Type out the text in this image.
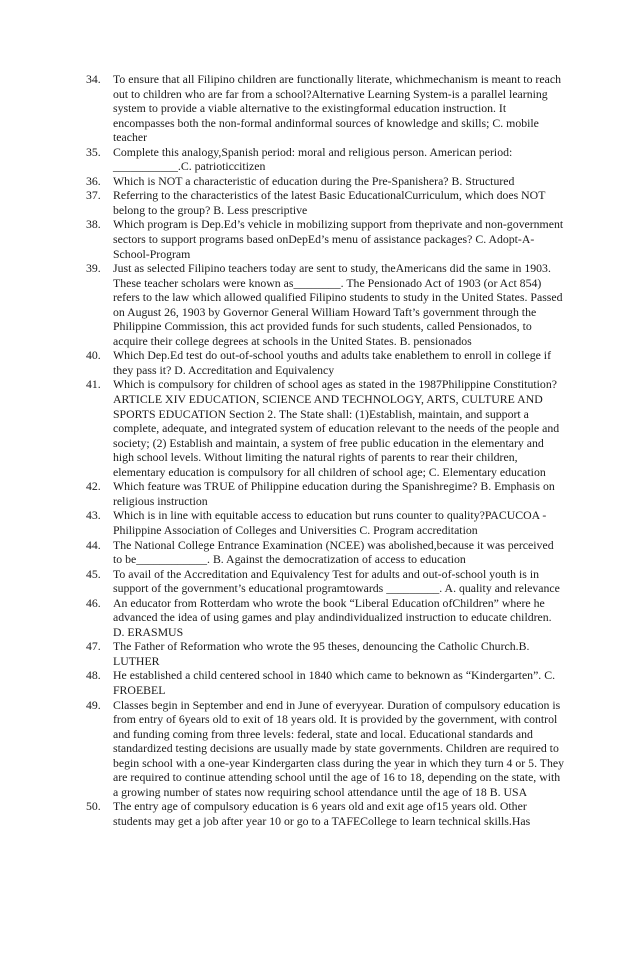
34.	To ensure that all Filipino children are functionally literate, whichmechanism is meant to reach out to children who are far from a school?Alternative Learning System-is a parallel learning system to provide a viable alternative to the existingformal education instruction. It encompasses both the non-formal andinformal sources of knowledge and skills; C. mobile teacher
35.	Complete this analogy,Spanish period: moral and religious person. American period: ___________.C. patrioticcitizen
36.	Which is NOT a characteristic of education during the Pre-Spanishera? B. Structured
37.	Referring to the characteristics of the latest Basic EducationalCurriculum, which does NOT belong to the group? B. Less prescriptive
38.	Which program is Dep.Ed’s vehicle in mobilizing support from theprivate and non-government sectors to support programs based onDepEd’s menu of assistance packages? C. Adopt-A-School-Program
39.	Just as selected Filipino teachers today are sent to study, theAmericans did the same in 1903. These teacher scholars were known as________. The Pensionado Act of 1903 (or Act 854) refers to the law which allowed qualified Filipino students to study in the United States. Passed on August 26, 1903 by Governor General William Howard Taft’s government through the Philippine Commission, this act provided funds for such students, called Pensionados, to acquire their college degrees at schools in the United States. B. pensionados
40.	Which Dep.Ed test do out-of-school youths and adults take enablethem to enroll in college if they pass it? D. Accreditation and Equivalency
41.	Which is compulsory for children of school ages as stated in the 1987Philippine Constitution? ARTICLE XIV EDUCATION, SCIENCE AND TECHNOLOGY, ARTS, CULTURE AND SPORTS EDUCATION Section 2. The State shall: (1)Establish, maintain, and support a complete, adequate, and integrated system of education relevant to the needs of the people and society; (2) Establish and maintain, a system of free public education in the elementary and high school levels. Without limiting the natural rights of parents to rear their children, elementary education is compulsory for all children of school age; C. Elementary education
42.	Which feature was TRUE of Philippine education during the Spanishregime? B. Emphasis on religious instruction
43.	Which is in line with equitable access to education but runs counter to quality?PACUCOA - Philippine Association of Colleges and Universities C. Program accreditation
44.	The National College Entrance Examination (NCEE) was abolished,because it was perceived to be____________. B. Against the democratization of access to education
45.	To avail of the Accreditation and Equivalency Test for adults and out-of-school youth is in support of the government’s educational programtowards _________. A. quality and relevance
46.	An educator from Rotterdam who wrote the book “Liberal Education ofChildren” where he advanced the idea of using games and play andindividualized instruction to educate children. D. ERASMUS
47.	The Father of Reformation who wrote the 95 theses, denouncing the Catholic Church.B. LUTHER
48.	He established a child centered school in 1840 which came to beknown as “Kindergarten”. C. FROEBEL
49.	Classes begin in September and end in June of everyyear. Duration of compulsory education is from entry of 6years old to exit of 18 years old. It is provided by the government, with control and funding coming from three levels: federal, state and local. Educational standards and standardized testing decisions are usually made by state governments. Children are required to begin school with a one-year Kindergarten class during the year in which they turn 4 or 5. They are required to continue attending school until the age of 16 to 18, depending on the state, with a growing number of states now requiring school attendance until the age of 18 B. USA
50.	The entry age of compulsory education is 6 years old and exit age of15 years old. Other students may get a job after year 10 or go to a TAFECollege to learn technical skills.Has
